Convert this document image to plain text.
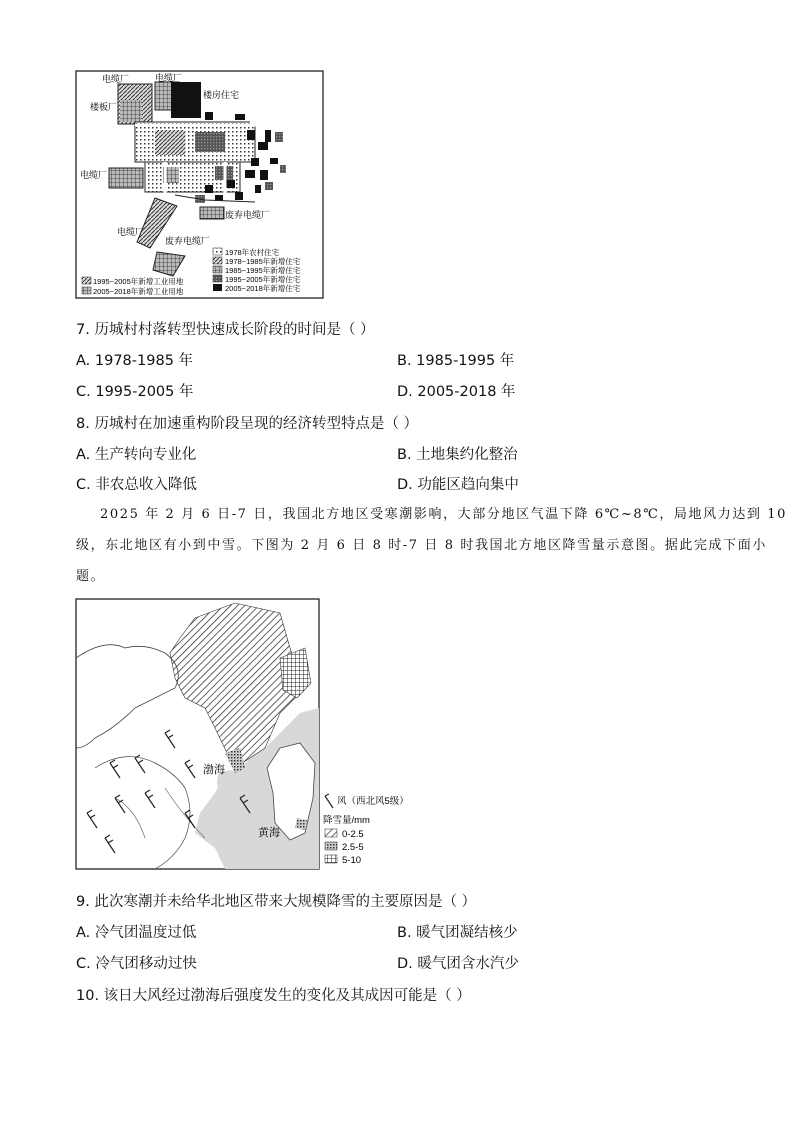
电缆厂	电缆厂
楼板厂
楼房住宅
电缆厂
电缆厂
废弃电缆厂
废弃电缆厂
1995~2005年新增工业用地
2005~2018年新增工业用地
1978年农村住宅
1978~1985年新增住宅
1985~1995年新增住宅
1995~2005年新增住宅
2005~2018年新增住宅
7. 历城村村落转型快速成长阶段的时间是（ ）
A. 1978-1985 年	B. 1985-1995 年
C. 1995-2005 年	D. 2005-2018 年
8. 历城村在加速重构阶段呈现的经济转型特点是（ ）
A. 生产转向专业化	B. 土地集约化整治
C. 非农总收入降低	D. 功能区趋向集中
2025 年 2 月 6 日-7 日，我国北方地区受寒潮影响，大部分地区气温下降 6℃~8℃，局地风力达到 10
级，东北地区有小到中雪。下图为 2 月 6 日 8 时-7 日 8 时我国北方地区降雪量示意图。据此完成下面小
题。
渤海
黄海
风（西北风5级）
降雪量/mm
0-2.5
2.5-5
5-10
9. 此次寒潮并未给华北地区带来大规模降雪的主要原因是（ ）
A. 冷气团温度过低	B. 暖气团凝结核少
C. 冷气团移动过快	D. 暖气团含水汽少
10. 该日大风经过渤海后强度发生的变化及其成因可能是（ ）
